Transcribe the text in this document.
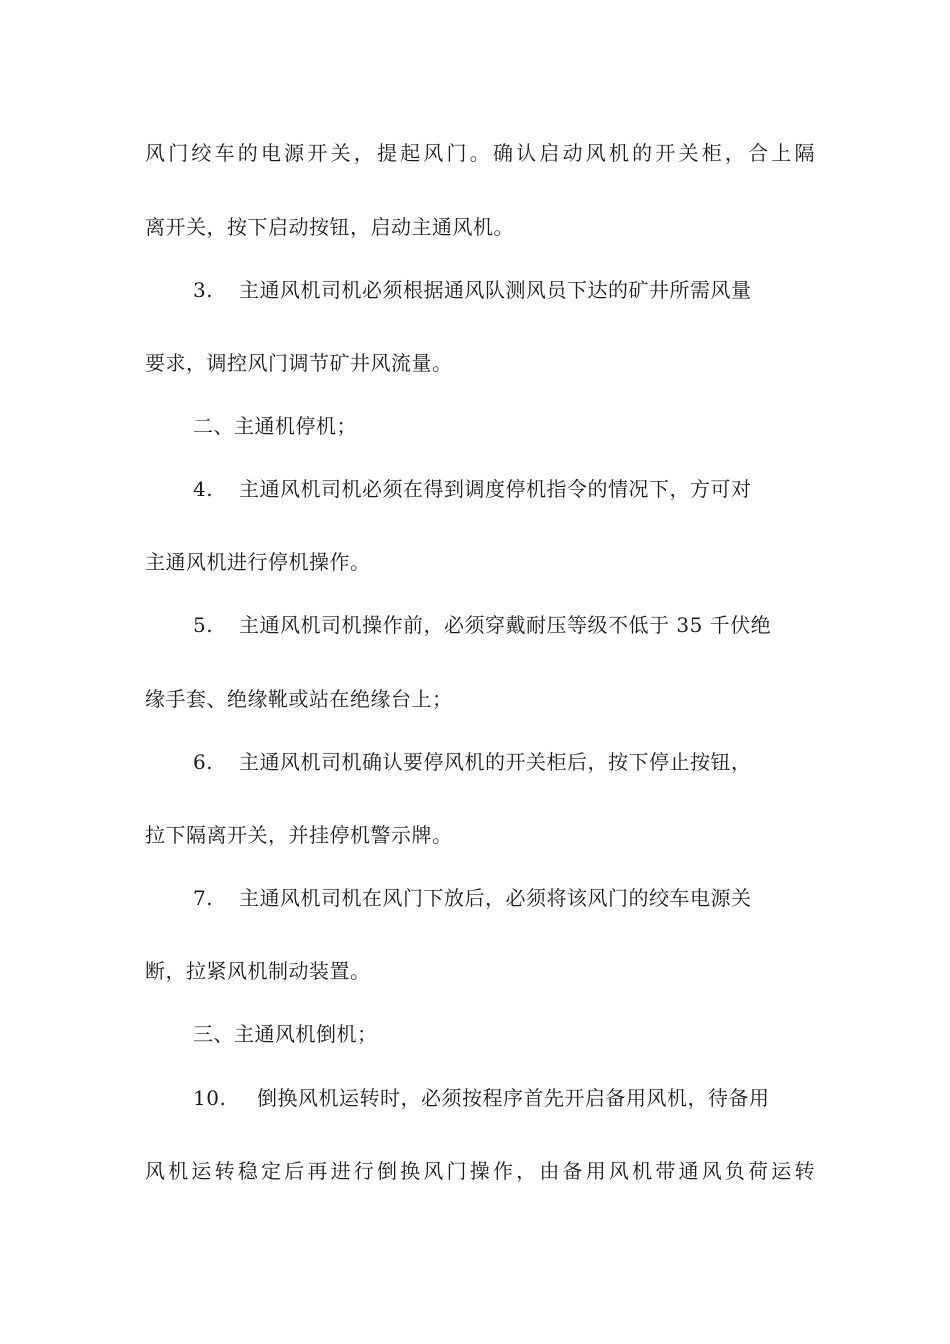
风门绞车的电源开关，提起风门。确认启动风机的开关柜，合上隔
离开关，按下启动按钮，启动主通风机。
3. 主通风机司机必须根据通风队测风员下达的矿井所需风量
要求，调控风门调节矿井风流量。
二、主通机停机；
4. 主通风机司机必须在得到调度停机指令的情况下，方可对
主通风机进行停机操作。
5. 主通风机司机操作前，必须穿戴耐压等级不低于 35 千伏绝
缘手套、绝缘靴或站在绝缘台上；
6. 主通风机司机确认要停风机的开关柜后，按下停止按钮，
拉下隔离开关，并挂停机警示牌。
7. 主通风机司机在风门下放后，必须将该风门的绞车电源关
断，拉紧风机制动装置。
三、主通风机倒机；
10. 倒换风机运转时，必须按程序首先开启备用风机，待备用
风机运转稳定后再进行倒换风门操作，由备用风机带通风负荷运转
